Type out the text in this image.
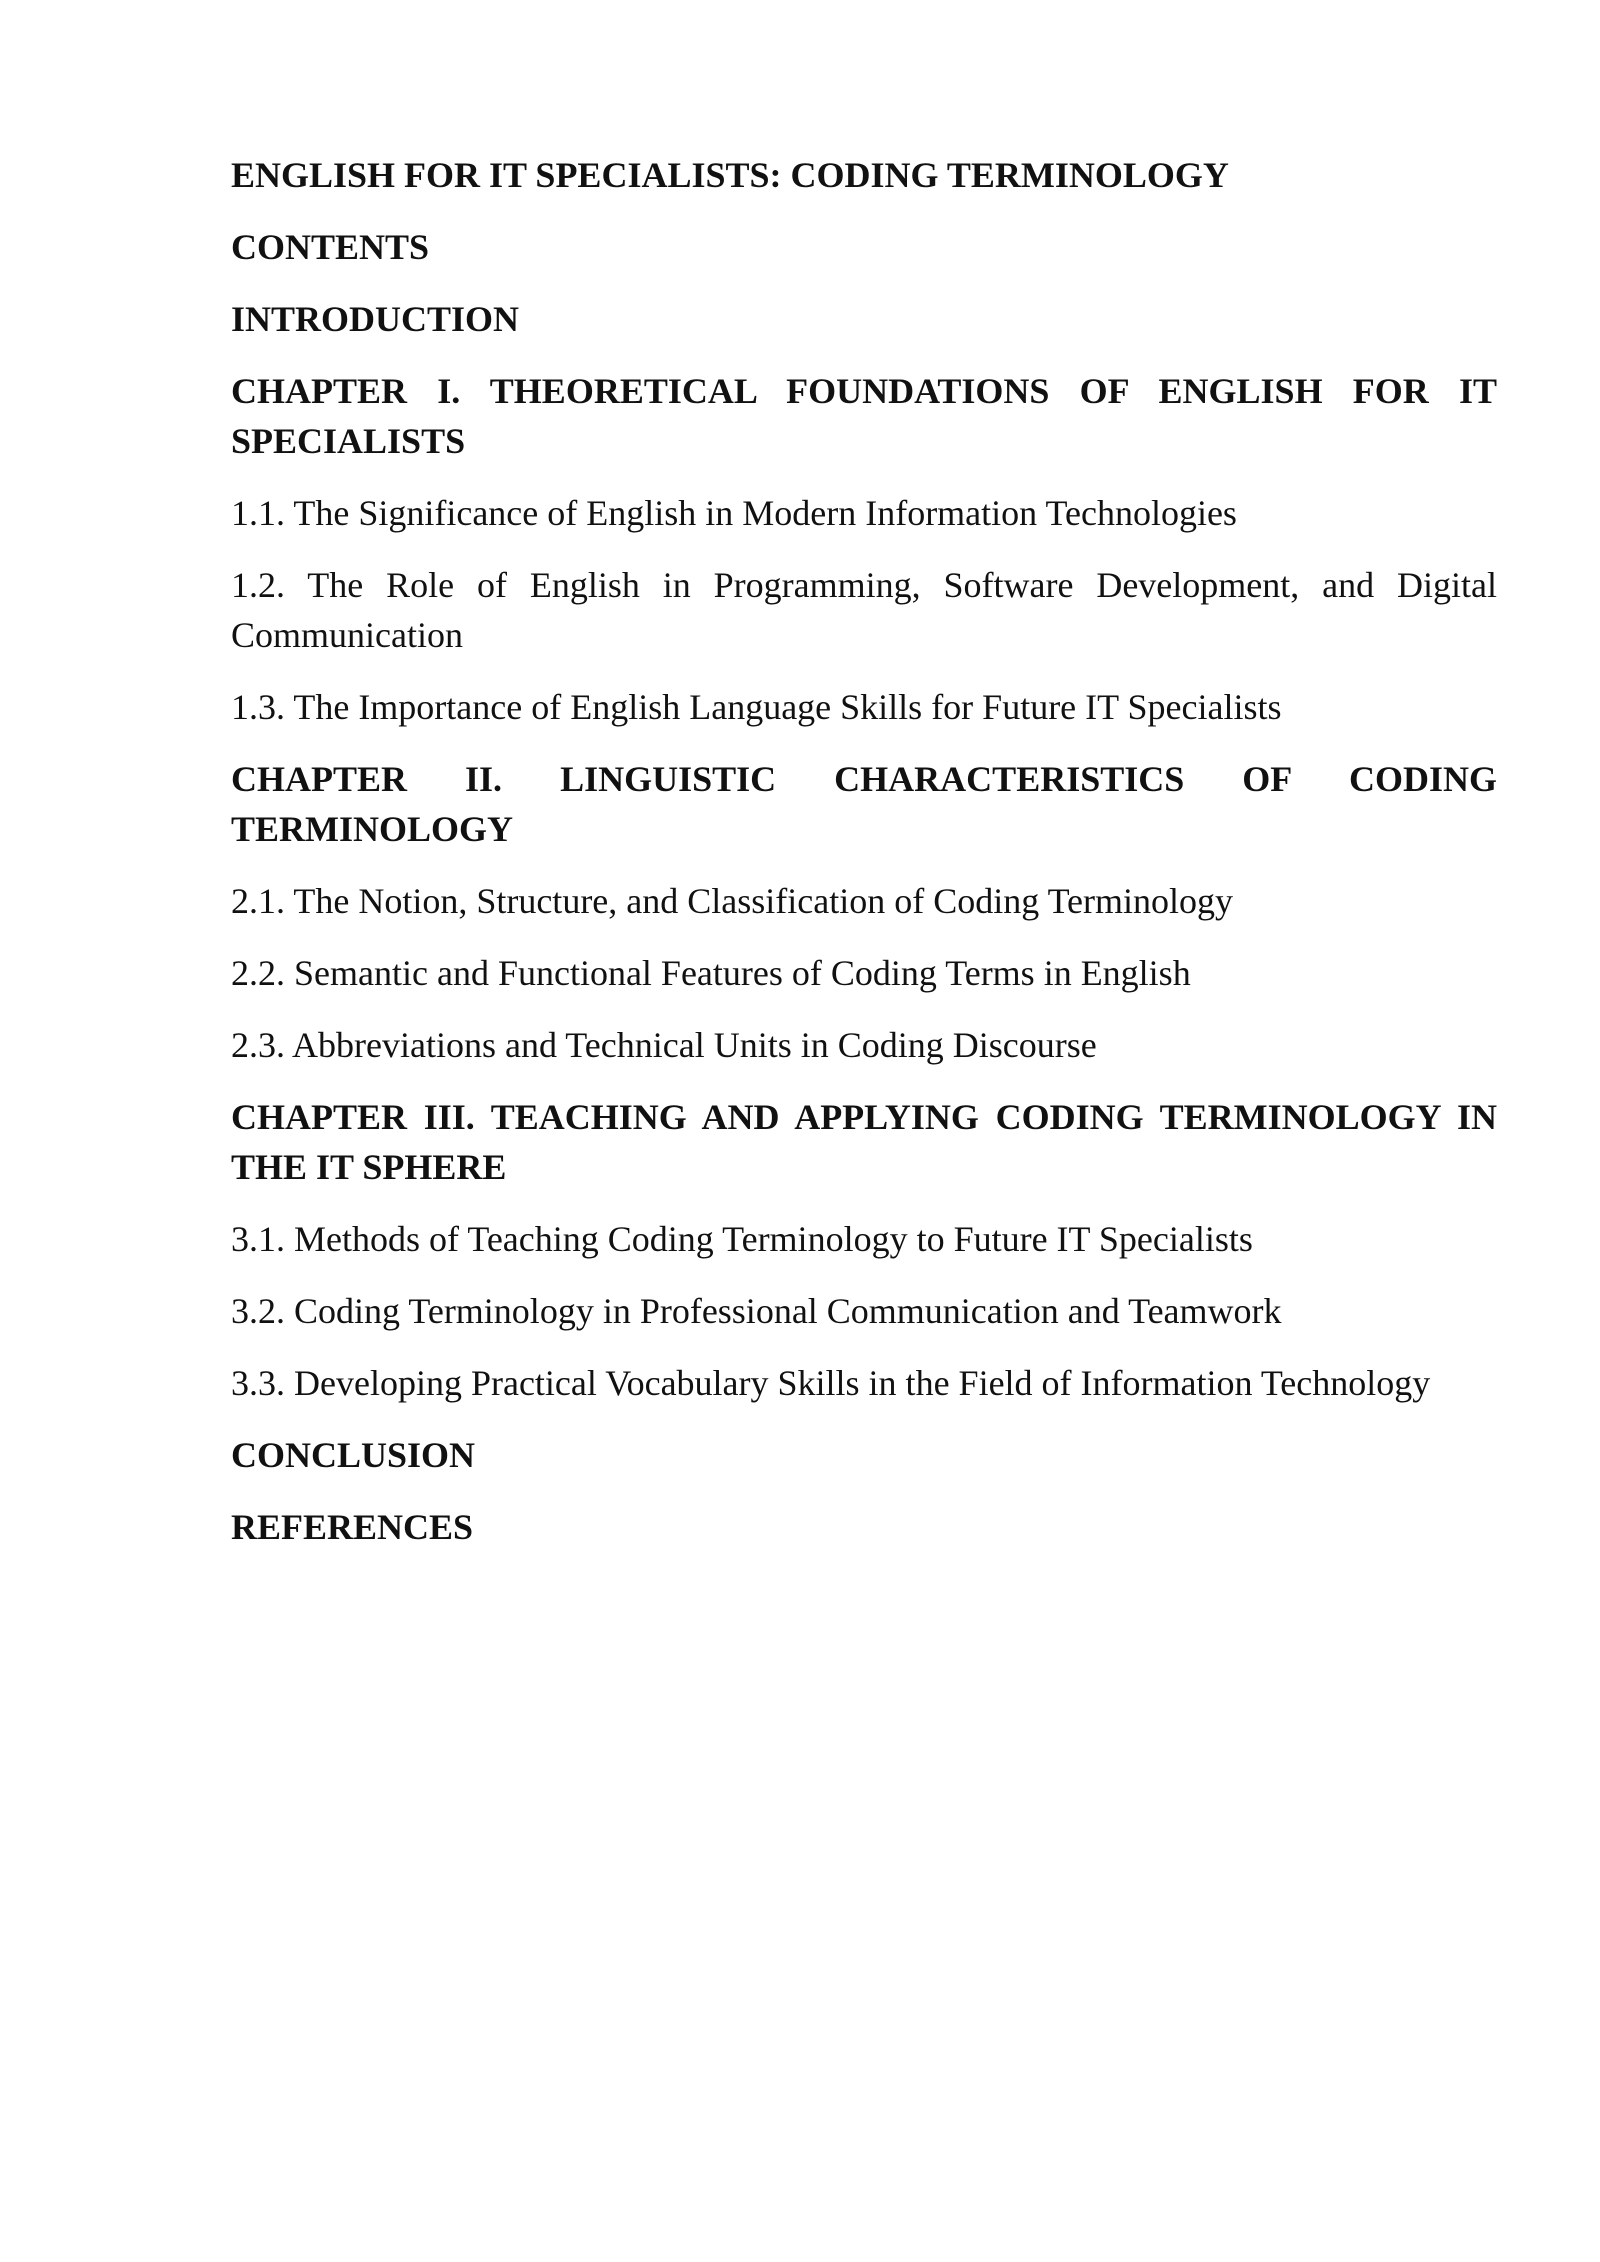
ENGLISH FOR IT SPECIALISTS: CODING TERMINOLOGY
CONTENTS
INTRODUCTION
CHAPTER I. THEORETICAL FOUNDATIONS OF ENGLISH FOR IT SPECIALISTS
1.1. The Significance of English in Modern Information Technologies
1.2. The Role of English in Programming, Software Development, and Digital Communication
1.3. The Importance of English Language Skills for Future IT Specialists
CHAPTER II. LINGUISTIC CHARACTERISTICS OF CODING TERMINOLOGY
2.1. The Notion, Structure, and Classification of Coding Terminology
2.2. Semantic and Functional Features of Coding Terms in English
2.3. Abbreviations and Technical Units in Coding Discourse
CHAPTER III. TEACHING AND APPLYING CODING TERMINOLOGY IN THE IT SPHERE
3.1. Methods of Teaching Coding Terminology to Future IT Specialists
3.2. Coding Terminology in Professional Communication and Teamwork
3.3. Developing Practical Vocabulary Skills in the Field of Information Technology
CONCLUSION
REFERENCES
